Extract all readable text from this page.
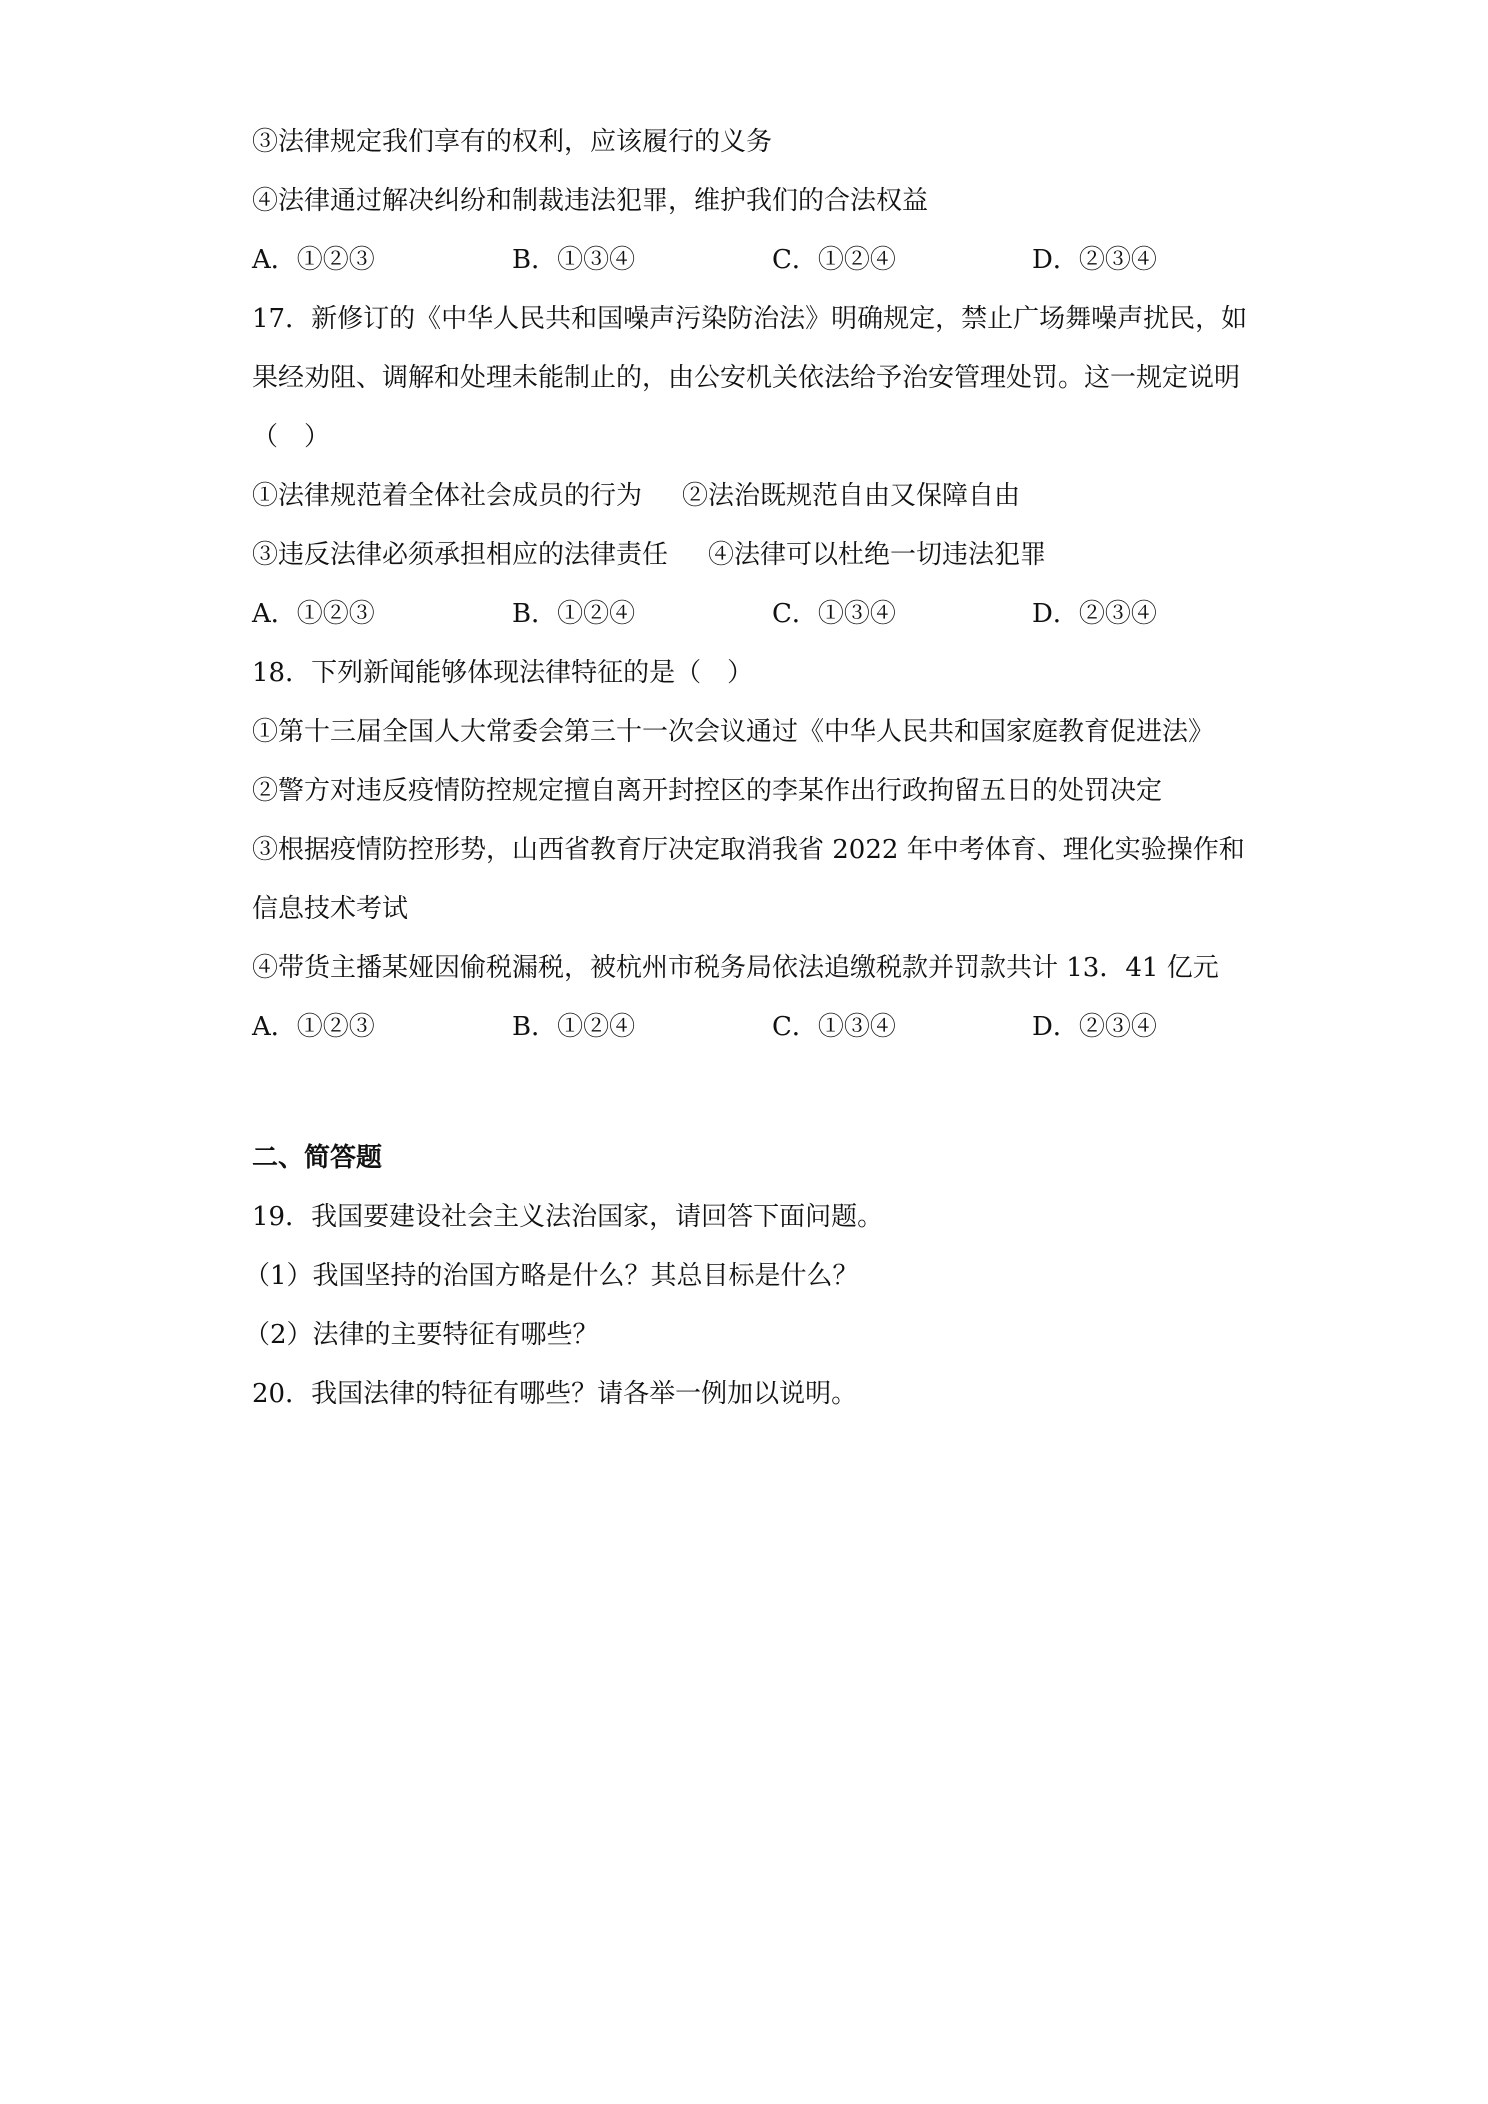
③法律规定我们享有的权利，应该履行的义务
④法律通过解决纠纷和制裁违法犯罪，维护我们的合法权益
A．①②③	B．①③④	C．①②④	D．②③④
17．新修订的《中华人民共和国噪声污染防治法》明确规定，禁止广场舞噪声扰民，如
果经劝阻、调解和处理未能制止的，由公安机关依法给予治安管理处罚。这一规定说明
（　）
①法律规范着全体社会成员的行为 ②法治既规范自由又保障自由
③违反法律必须承担相应的法律责任 ④法律可以杜绝一切违法犯罪
A．①②③	B．①②④	C．①③④	D．②③④
18．下列新闻能够体现法律特征的是（　）
①第十三届全国人大常委会第三十一次会议通过《中华人民共和国家庭教育促进法》
②警方对违反疫情防控规定擅自离开封控区的李某作出行政拘留五日的处罚决定
③根据疫情防控形势，山西省教育厅决定取消我省 2022 年中考体育、理化实验操作和
信息技术考试
④带货主播某娅因偷税漏税，被杭州市税务局依法追缴税款并罚款共计 13．41 亿元
A．①②③	B．①②④	C．①③④	D．②③④
二、简答题
19．我国要建设社会主义法治国家，请回答下面问题。
（1）我国坚持的治国方略是什么？其总目标是什么？
（2）法律的主要特征有哪些？
20．我国法律的特征有哪些？请各举一例加以说明。
